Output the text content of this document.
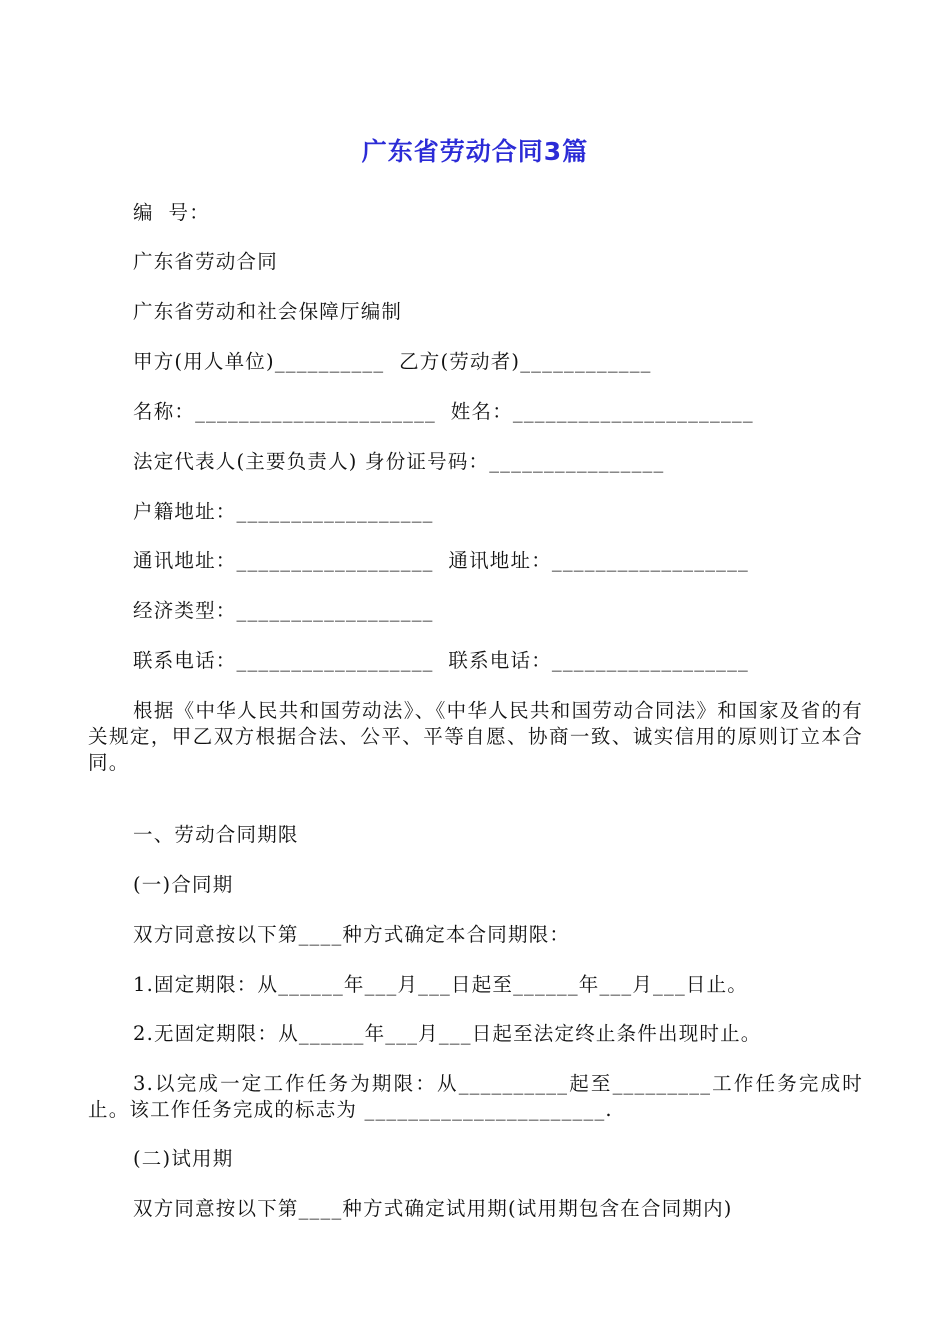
广东省劳动合同3篇
编  号：
广东省劳动合同
广东省劳动和社会保障厅编制
甲方(用人单位)__________  乙方(劳动者)____________
名称：______________________  姓名：______________________
法定代表人(主要负责人) 身份证号码：________________
户籍地址：__________________
通讯地址：__________________  通讯地址：__________________
经济类型：__________________
联系电话：__________________  联系电话：__________________
根据《中华人民共和国劳动法》、《中华人民共和国劳动合同法》和国家及省的有关规定，甲乙双方根据合法、公平、平等自愿、协商一致、诚实信用的原则订立本合同。
一、劳动合同期限
(一)合同期
双方同意按以下第____种方式确定本合同期限：
1.固定期限：从______年___月___日起至______年___月___日止。
2.无固定期限：从______年___月___日起至法定终止条件出现时止。
3.以完成一定工作任务为期限：从__________起至_________工作任务完成时止。该工作任务完成的标志为 ______________________.
(二)试用期
双方同意按以下第____种方式确定试用期(试用期包含在合同期内)
